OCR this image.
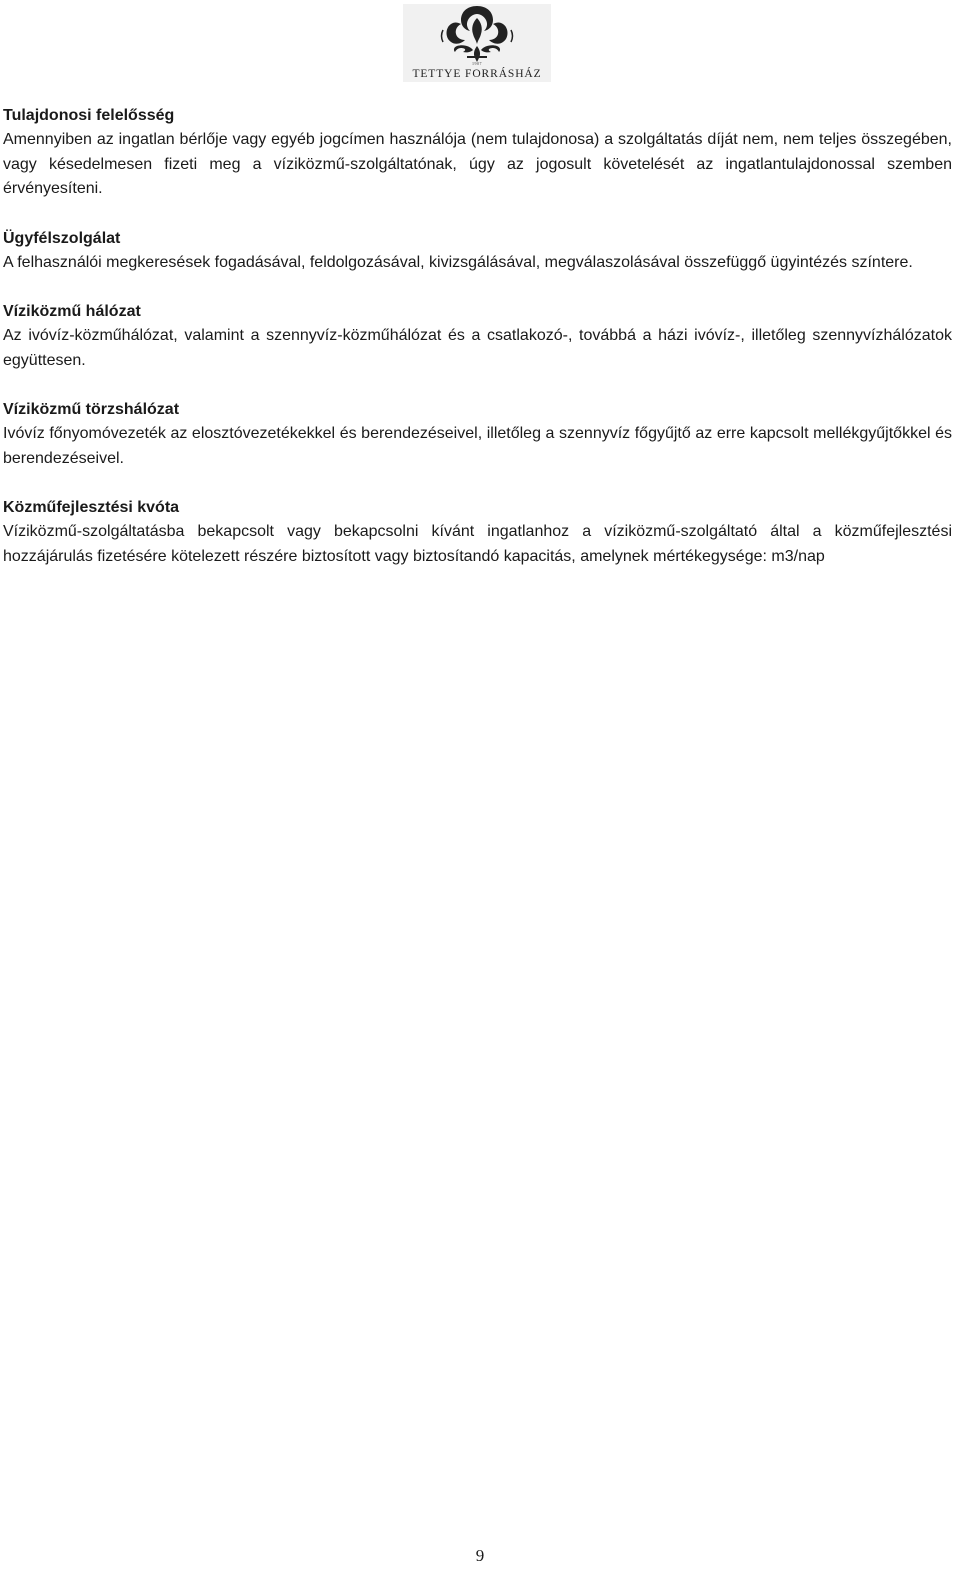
1907
TETTYE FORRÁSHÁZ

Tulajdonosi felelősség

Amennyiben az ingatlan bérlője vagy egyéb jogcímen használója (nem tulajdonosa) a szolgáltatás díját nem, nem teljes összegében, vagy késedelmesen fizeti meg a víziközmű-szolgáltatónak, úgy az jogosult követelését az ingatlantulajdonossal szemben érvényesíteni.

Ügyfélszolgálat

A felhasználói megkeresések fogadásával, feldolgozásával, kivizsgálásával, megválaszolásával összefüggő ügyintézés színtere.

Víziközmű hálózat

Az ivóvíz-közműhálózat, valamint a szennyvíz-közműhálózat és a csatlakozó-, továbbá a házi ivóvíz-, illetőleg szennyvízhálózatok együttesen.

Víziközmű törzshálózat

Ivóvíz főnyomóvezeték az elosztóvezetékekkel és berendezéseivel, illetőleg a szennyvíz főgyűjtő az erre kapcsolt mellékgyűjtőkkel és berendezéseivel.

Közműfejlesztési kvóta

Víziközmű-szolgáltatásba bekapcsolt vagy bekapcsolni kívánt ingatlanhoz a víziközmű-szolgáltató által a közműfejlesztési hozzájárulás fizetésére kötelezett részére biztosított vagy biztosítandó kapacitás, amelynek mértékegysége: m3/nap

9
